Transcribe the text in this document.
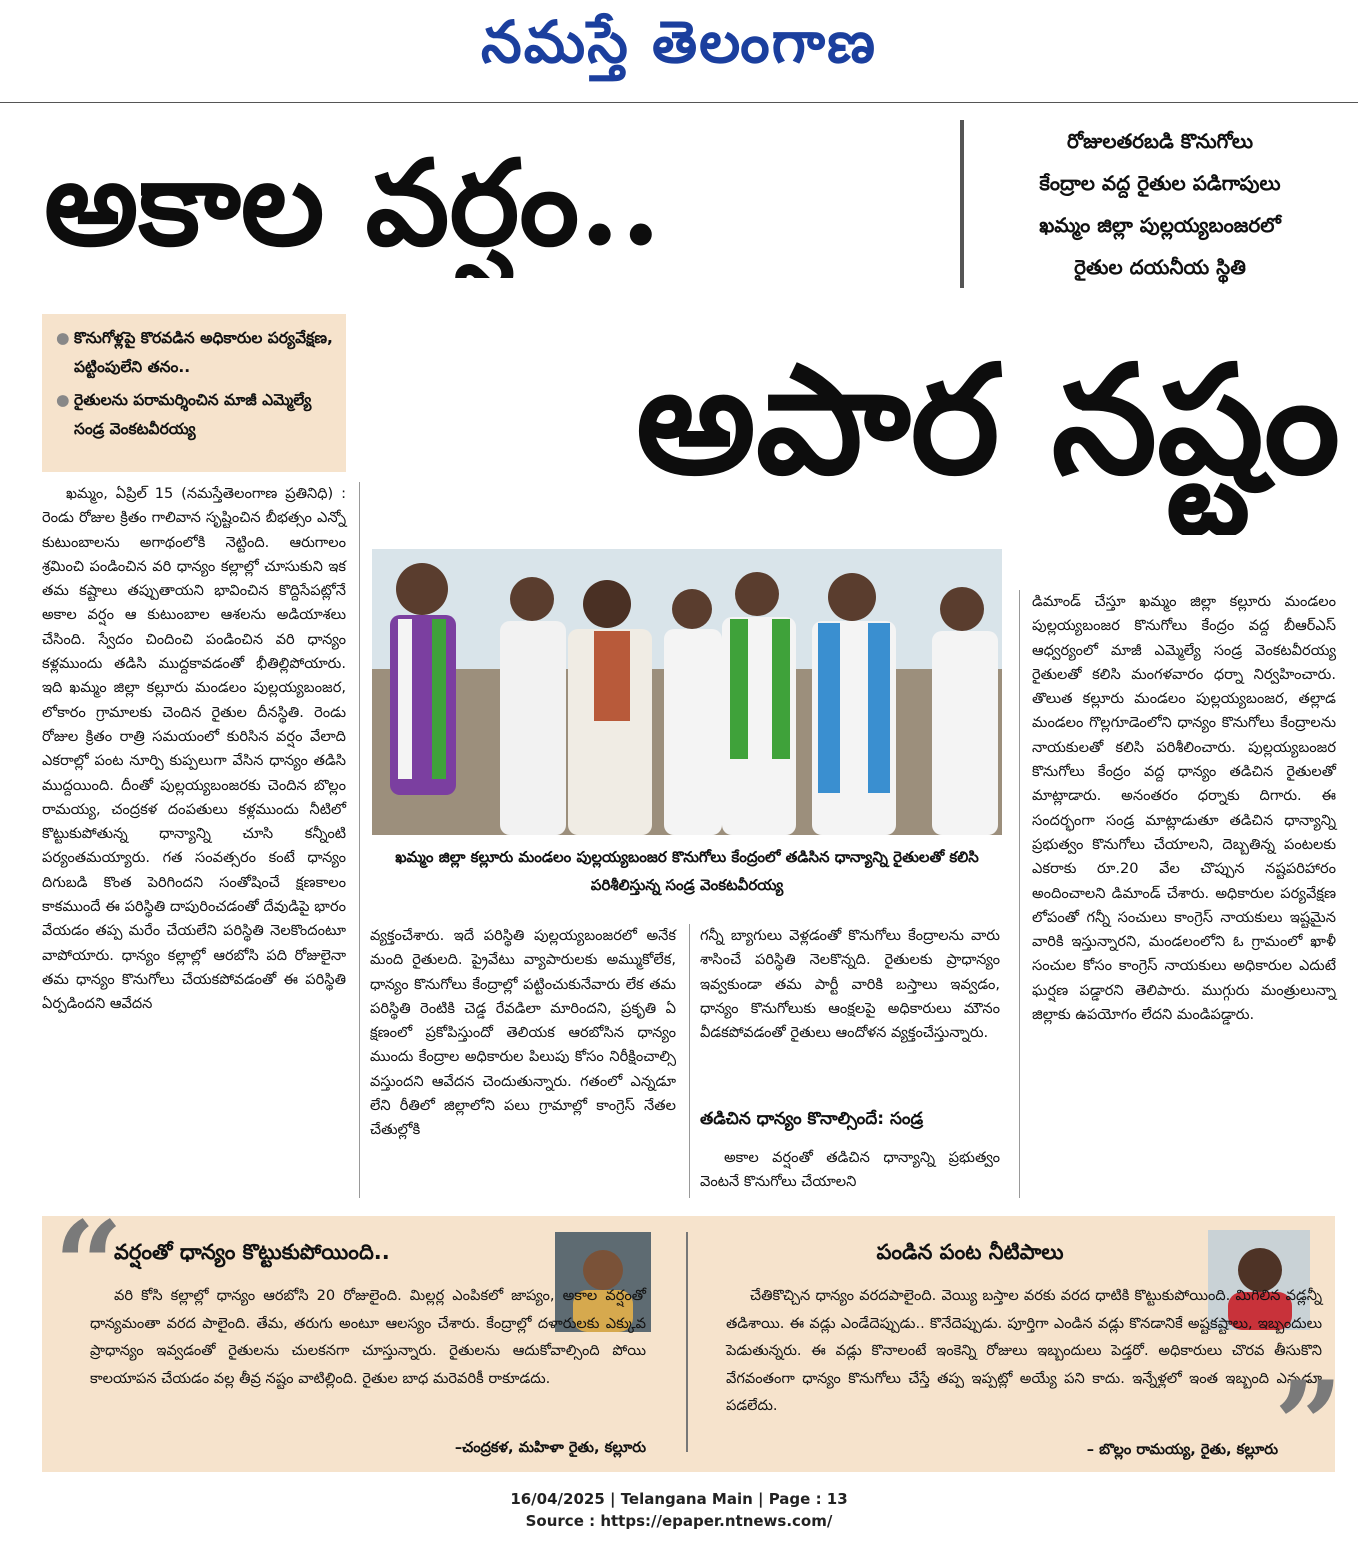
నమస్తే తెలంగాణ
అకాల వర్షం..
అపార నష్టం
రోజులతరబడి కొనుగోలు
కేంద్రాల వద్ద రైతుల పడిగాపులు
ఖమ్మం జిల్లా పుల్లయ్యబంజరలో
రైతుల దయనీయ స్థితి
● కొనుగోళ్లపై కొరవడిన అధికారుల పర్యవేక్షణ, పట్టింపులేని తనం..
● రైతులను పరామర్శించిన మాజీ ఎమ్మెల్యే సండ్ర వెంకటవీరయ్య

ఖమ్మం, ఏప్రిల్ 15 (నమస్తేతెలంగాణ ప్రతినిధి) : రెండు రోజుల క్రితం గాలివాన సృష్టించిన బీభత్సం ఎన్నో కుటుంబాలను అగాథంలోకి నెట్టింది. ఆరుగాలం శ్రమించి పండించిన వరి ధాన్యం కల్లాల్లో చూసుకుని ఇక తమ కష్టాలు తప్పుతాయని భావించిన కొద్దిసేపట్లోనే అకాల వర్షం ఆ కుటుంబాల ఆశలను అడియాశలు చేసింది. స్వేదం చిందించి పండించిన వరి ధాన్యం కళ్లముందు తడిసి ముద్దకావడంతో భీతిల్లిపోయారు. ఇది ఖమ్మం జిల్లా కల్లూరు మండలం పుల్లయ్యబంజర, లోకారం గ్రామాలకు చెందిన రైతుల దీనస్థితి. రెండు రోజుల క్రితం రాత్రి సమయంలో కురిసిన వర్షం వేలాది ఎకరాల్లో పంట నూర్పి కుప్పలుగా వేసిన ధాన్యం తడిసి ముద్దయింది. దీంతో పుల్లయ్యబంజరకు చెందిన బొల్లం రామయ్య, చంద్రకళ దంపతులు కళ్లముందు నీటిలో కొట్టుకుపోతున్న ధాన్యాన్ని చూసి కన్నీంటి పర్యంతమయ్యారు. గత సంవత్సరం కంటే ధాన్యం దిగుబడి కొంత పెరిగిందని సంతోషించే క్షణకాలం కాకముందే ఈ పరిస్థితి దాపురించడంతో దేవుడిపై భారం వేయడం తప్ప మరేం చేయలేని పరిస్థితి నెలకొందంటూ వాపోయారు. ధాన్యం కల్లాల్లో ఆరబోసి పది రోజులైనా తమ ధాన్యం కొనుగోలు చేయకపోవడంతో ఈ పరిస్థితి ఏర్పడిందని ఆవేదన

ఖమ్మం జిల్లా కల్లూరు మండలం పుల్లయ్యబంజర కొనుగోలు కేంద్రంలో తడిసిన ధాన్యాన్ని రైతులతో కలిసి పరిశీలిస్తున్న సండ్ర వెంకటవీరయ్య

వ్యక్తంచేశారు. ఇదే పరిస్థితి పుల్లయ్యబంజరలో అనేక మంది రైతులది. ప్రైవేటు వ్యాపారులకు అమ్ముకోలేక, ధాన్యం కొనుగోలు కేంద్రాల్లో పట్టించుకునేవారు లేక తమ పరిస్థితి రెంటికి చెడ్డ రేవడిలా మారిందని, ప్రకృతి ఏ క్షణంలో ప్రకోపిస్తుందో తెలియక ఆరబోసిన ధాన్యం ముందు కేంద్రాల అధికారుల పిలుపు కోసం నిరీక్షించాల్సి వస్తుందని ఆవేదన చెందుతున్నారు. గతంలో ఎన్నడూ లేని రీతిలో జిల్లాలోని పలు గ్రామాల్లో కాంగ్రెస్ నేతల చేతుల్లోకి

గన్నీ బ్యాగులు వెళ్లడంతో కొనుగోలు కేంద్రాలను వారు శాసించే పరిస్థితి నెలకొన్నది. రైతులకు ప్రాధాన్యం ఇవ్వకుండా తమ పార్టీ వారికి బస్తాలు ఇవ్వడం, ధాన్యం కొనుగోలుకు ఆంక్షలపై అధికారులు మౌనం వీడకపోవడంతో రైతులు ఆందోళన వ్యక్తంచేస్తున్నారు.

తడిచిన ధాన్యం కొనాల్సిందే: సండ్ర

అకాల వర్షంతో తడిచిన ధాన్యాన్ని ప్రభుత్వం వెంటనే కొనుగోలు చేయాలని

డిమాండ్ చేస్తూ ఖమ్మం జిల్లా కల్లూరు మండలం పుల్లయ్యబంజర కొనుగోలు కేంద్రం వద్ద బీఆర్ఎస్ ఆధ్వర్యంలో మాజీ ఎమ్మెల్యే సండ్ర వెంకటవీరయ్య రైతులతో కలిసి మంగళవారం ధర్నా నిర్వహించారు. తొలుత కల్లూరు మండలం పుల్లయ్యబంజర, తల్లాడ మండలం గొల్లగూడెంలోని ధాన్యం కొనుగోలు కేంద్రాలను నాయకులతో కలిసి పరిశీలించారు. పుల్లయ్యబంజర కొనుగోలు కేంద్రం వద్ద ధాన్యం తడిచిన రైతులతో మాట్లాడారు. అనంతరం ధర్నాకు దిగారు. ఈ సందర్భంగా సండ్ర మాట్లాడుతూ తడిచిన ధాన్యాన్ని ప్రభుత్వం కొనుగోలు చేయాలని, దెబ్బతిన్న పంటలకు ఎకరాకు రూ.20 వేల చొప్పున నష్టపరిహారం అందించాలని డిమాండ్ చేశారు. అధికారుల పర్యవేక్షణ లోపంతో గన్నీ సంచులు కాంగ్రెస్ నాయకులు ఇష్టమైన వారికి ఇస్తున్నారని, మండలంలోని ఓ గ్రామంలో ఖాళీ సంచుల కోసం కాంగ్రెస్ నాయకులు అధికారుల ఎదుటే ఘర్షణ పడ్డారని తెలిపారు. ముగ్గురు మంత్రులున్నా జిల్లాకు ఉపయోగం లేదని మండిపడ్డారు.

“
వర్షంతో ధాన్యం కొట్టుకుపోయింది..

వరి కోసి కల్లాల్లో ధాన్యం ఆరబోసి 20 రోజులైంది. మిల్లర్ల ఎంపికలో జాప్యం, అకాల వర్షంతో ధాన్యమంతా వరద పాలైంది. తేమ, తరుగు అంటూ ఆలస్యం చేశారు. కేంద్రాల్లో దళారులకు ఎక్కువ ప్రాధాన్యం ఇవ్వడంతో రైతులను చులకనగా చూస్తున్నారు. రైతులను ఆదుకోవాల్సింది పోయి కాలయాపన చేయడం వల్ల తీవ్ర నష్టం వాటిల్లింది. రైతుల బాధ మరెవరికీ రాకూడదు.

–చంద్రకళ, మహిళా రైతు, కల్లూరు
పండిన పంట నీటిపాలు

చేతికొచ్చిన ధాన్యం వరదపాలైంది. వెయ్యి బస్తాల వరకు వరద ధాటికి కొట్టుకుపోయింది. మిగిలిన వడ్లన్నీ తడిశాయి. ఈ వడ్లు ఎండేదెప్పుడు.. కొనేదెప్పుడు. పూర్తిగా ఎండిన వడ్లు కొనడానికే అష్టకష్టాలు, ఇబ్బందులు పెడుతున్నరు. ఈ వడ్లు కొనాలంటే ఇంకెన్ని రోజులు ఇబ్బందులు పెడ్తరో. అధికారులు చొరవ తీసుకొని వేగవంతంగా ధాన్యం కొనుగోలు చేస్తే తప్ప ఇప్పట్లో అయ్యే పని కాదు. ఇన్నేళ్లలో ఇంత ఇబ్బంది ఎన్నడూ పడలేదు.

– బొల్లం రామయ్య, రైతు, కల్లూరు
”
16/04/2025 | Telangana Main | Page : 13
Source : https://epaper.ntnews.com/
